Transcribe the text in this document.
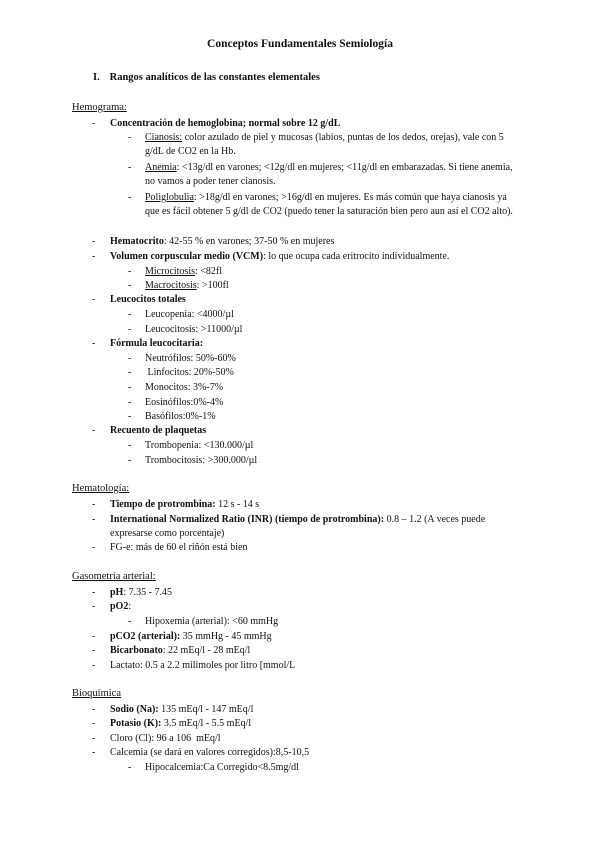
Conceptos Fundamentales Semiología
I. Rangos analíticos de las constantes elementales
Hemograma:
- Concentración de hemoglobina; normal sobre 12 g/dL
- Cianosis: color azulado de piel y mucosas (labios, puntas de los dedos, orejas), vale con 5 g/dL de CO2 en la Hb.
- Anemia: <13g/dl en varones; <12g/dl en mujeres; <11g/dl en embarazadas. Si tiene anemia, no vamos a poder tener cianosis.
- Poliglobulia: >18g/dl en varones; >16g/dl en mujeres. Es más común que haya cianosis ya que es fácil obtener 5 g/dl de CO2 (puedo tener la saturación bien pero aun así el CO2 alto).
- Hematocrito: 42-55 % en varones; 37-50 % en mujeres
- Volumen corpuscular medio (VCM): lo que ocupa cada eritrocito individualmente.
- Microcitosis: <82fl
- Macrocitosis: >100fl
- Leucocitos totales
- Leucopenia: <4000/µl
- Leucocitosis: >11000/µl
- Fórmula leucocitaria:
- Neutrófilos: 50%-60%
- Linfocitos: 20%-50%
- Monocitos: 3%-7%
- Eosinófilos:0%-4%
- Basófilos:0%-1%
- Recuento de plaquetas
- Trombopenia: <130.000/µl
- Trombocitosis: >300.000/µl
Hematología:
- Tiempo de protrombina: 12 s - 14 s
- International Normalized Ratio (INR) (tiempo de protrombina): 0.8 – 1.2 (A veces puede expresarse como porcentaje)
- FG-e: más de 60 el riñón está bien
Gasometría arterial:
- pH: 7.35 - 7.45
- pO2:
- Hipoxemia (arterial): <60 mmHg
- pCO2 (arterial): 35 mmHg - 45 mmHg
- Bicarbonato: 22 mEq/l - 28 mEq/l
- Lactato: 0.5 a 2.2 milimoles por litro [mmol/L
Bioquímica
- Sodio (Na): 135 mEq/l - 147 mEq/l
- Potasio (K): 3.5 mEq/l - 5.5 mEq/l
- Cloro (Cl): 96 a 106  mEq/l
- Calcemia (se dará en valores corregidos):8,5-10,5
- Hipocalcemia:Ca Corregido<8.5mg/dl
